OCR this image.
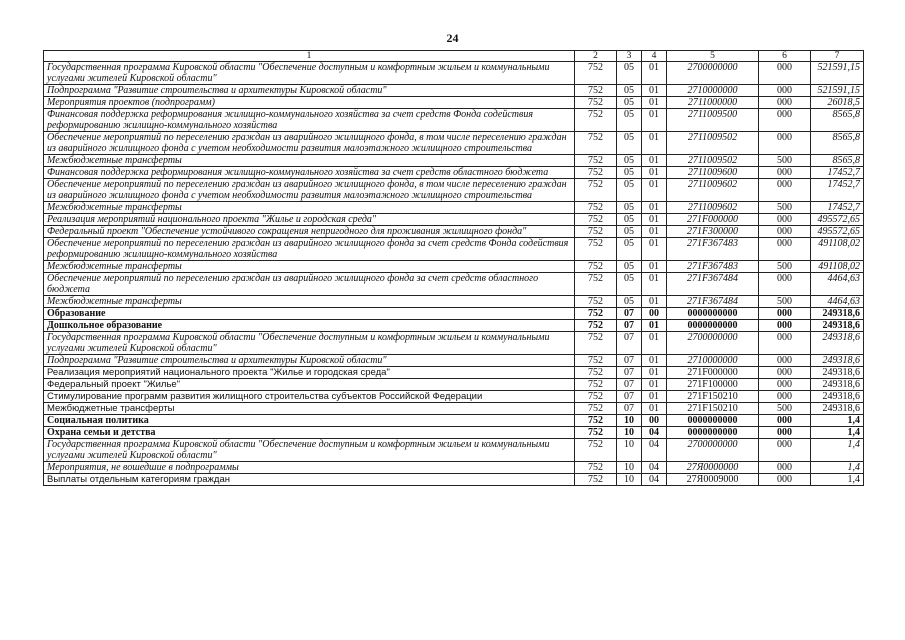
24
1	2	3	4	5	6	7
Государственная программа Кировской области "Обеспечение доступным и комфортным жильем и коммунальными услугами жителей Кировской области"	752	05	01	2700000000	000	521591,15
Подпрограмма "Развитие строительства и архитектуры Кировской области"	752	05	01	2710000000	000	521591,15
Мероприятия проектов (подпрограмм)	752	05	01	2711000000	000	26018,5
Финансовая поддержка реформирования жилищно-коммунального хозяйства за счет средств Фонда содействия реформированию жилищно-коммунального хозяйства	752	05	01	2711009500	000	8565,8
Обеспечение мероприятий по переселению граждан из аварийного жилищного фонда, в том числе переселению граждан из аварийного жилищного фонда с учетом необходимости развития малоэтажного жилищного строительства	752	05	01	2711009502	000	8565,8
Межбюджетные трансферты	752	05	01	2711009502	500	8565,8
Финансовая поддержка реформирования жилищно-коммунального хозяйства за счет средств областного бюджета	752	05	01	2711009600	000	17452,7
Обеспечение мероприятий по переселению граждан из аварийного жилищного фонда, в том числе переселению граждан из аварийного жилищного фонда с учетом необходимости развития малоэтажного жилищного строительства	752	05	01	2711009602	000	17452,7
Межбюджетные трансферты	752	05	01	2711009602	500	17452,7
Реализация мероприятий национального проекта "Жилье и городская среда"	752	05	01	271F000000	000	495572,65
Федеральный проект "Обеспечение устойчивого сокращения непригодного для проживания жилищного фонда"	752	05	01	271F300000	000	495572,65
Обеспечение мероприятий по переселению граждан из аварийного жилищного фонда за счет средств Фонда содействия реформированию жилищно-коммунального хозяйства	752	05	01	271F367483	000	491108,02
Межбюджетные трансферты	752	05	01	271F367483	500	491108,02
Обеспечение мероприятий по переселению граждан из аварийного жилищного фонда за счет средств областного бюджета	752	05	01	271F367484	000	4464,63
Межбюджетные трансферты	752	05	01	271F367484	500	4464,63
Образование	752	07	00	0000000000	000	249318,6
Дошкольное образование	752	07	01	0000000000	000	249318,6
Государственная программа Кировской области "Обеспечение доступным и комфортным жильем и коммунальными услугами жителей Кировской области"	752	07	01	2700000000	000	249318,6
Подпрограмма "Развитие строительства и архитектуры Кировской области"	752	07	01	2710000000	000	249318,6
Реализация мероприятий национального проекта "Жилье и городская среда"	752	07	01	271F000000	000	249318,6
Федеральный проект "Жилье"	752	07	01	271F100000	000	249318,6
Стимулирование программ развития жилищного строительства субъектов Российской Федерации	752	07	01	271F150210	000	249318,6
Межбюджетные трансферты	752	07	01	271F150210	500	249318,6
Социальная политика	752	10	00	0000000000	000	1,4
Охрана семьи и детства	752	10	04	0000000000	000	1,4
Государственная программа Кировской области "Обеспечение доступным и комфортным жильем и коммунальными услугами жителей Кировской области"	752	10	04	2700000000	000	1,4
Мероприятия, не вошедшие в подпрограммы	752	10	04	27Я0000000	000	1,4
Выплаты отдельным категориям граждан	752	10	04	27Я0009000	000	1,4
